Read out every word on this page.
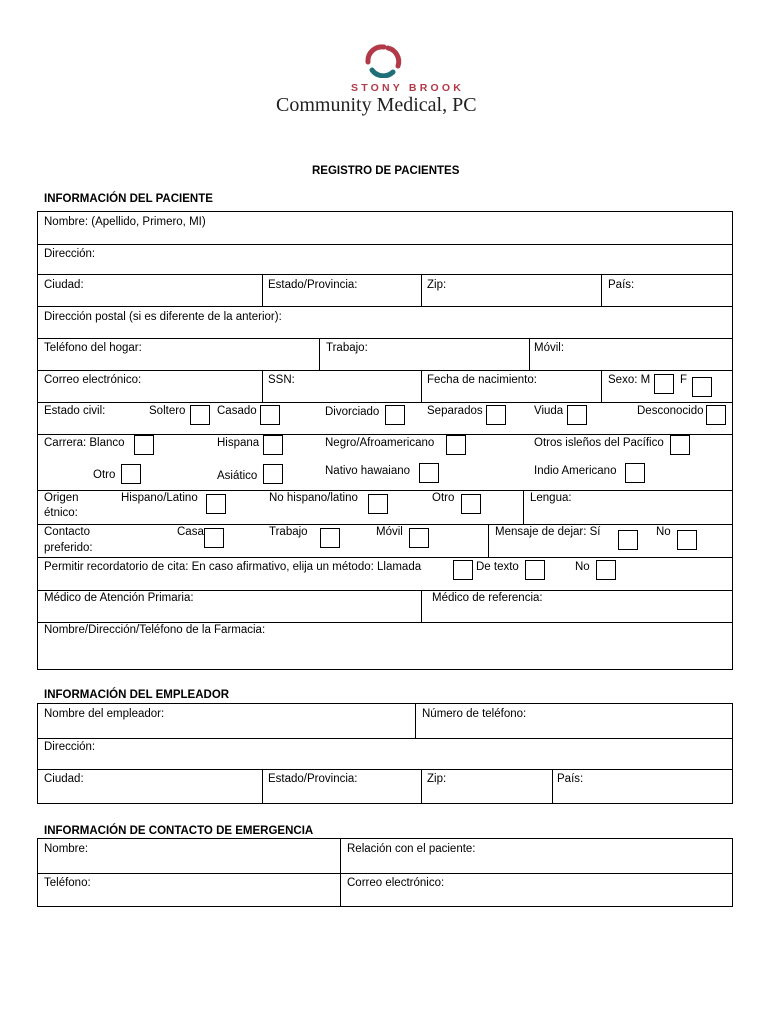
STONY BROOK
Community Medical, PC
REGISTRO DE PACIENTES
INFORMACIÓN DEL PACIENTE
Nombre: (Apellido, Primero, MI)
Dirección:
Ciudad:	Estado/Provincia:	Zip:	País:
Dirección postal (si es diferente de la anterior):
Teléfono del hogar:	Trabajo:	Móvil:
Correo electrónico:	SSN:	Fecha de nacimiento:	Sexo: M	F
Estado civil:	Soltero	Casado	Divorciado	Separados	Viuda	Desconocido
Carrera: Blanco	Hispana	Negro/Afroamericano	Otros isleños del Pacífico
Otro	Asiático	Nativo hawaiano	Indio Americano
Origen
étnico:
Hispano/Latino	No hispano/latino	Otro	Lengua:
Contacto
preferido:
Casa	Trabajo	Móvil	Mensaje de dejar: Sí	No
Permitir recordatorio de cita: En caso afirmativo, elija un método: Llamada	De texto	No
Médico de Atención Primaria:	Médico de referencia:
Nombre/Dirección/Teléfono de la Farmacia:
INFORMACIÓN DEL EMPLEADOR
Nombre del empleador:	Número de teléfono:
Dirección:
Ciudad:	Estado/Provincia:	Zip:	País:
INFORMACIÓN DE CONTACTO DE EMERGENCIA
Nombre:	Relación con el paciente:
Teléfono:	Correo electrónico:
